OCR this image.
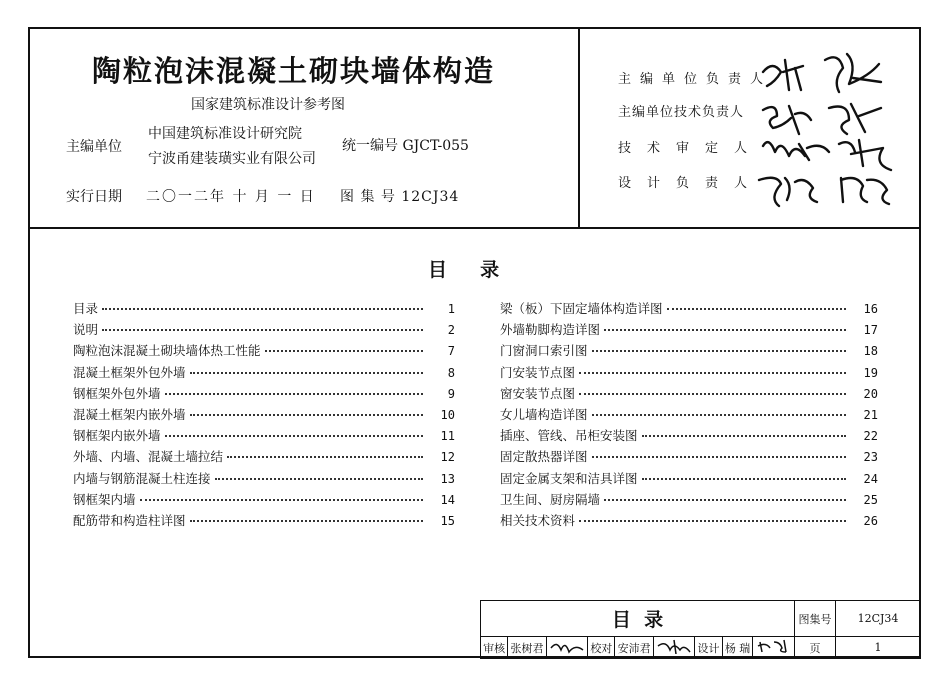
陶粒泡沫混凝土砌块墙体构造
国家建筑标准设计参考图
主编单位
中国建筑标准设计研究院
宁波甬建装璜实业有限公司
统一编号 GJCT-055
实行日期 二〇一二年 十 月 一 日 图 集 号 12CJ34
主编单位负责人
主编单位技术负责人
技术审定人
设计负责人
目     录
目录	1
说明	2
陶粒泡沫混凝土砌块墙体热工性能	7
混凝土框架外包外墙	8
钢框架外包外墙	9
混凝土框架内嵌外墙	10
钢框架内嵌外墙	11
外墙、内墙、混凝土墙拉结	12
内墙与钢筋混凝土柱连接	13
钢框架内墙	14
配筋带和构造柱详图	15
梁（板）下固定墙体构造详图	16
外墙勒脚构造详图	17
门窗洞口索引图	18
门安装节点图	19
窗安装节点图	20
女儿墙构造详图	21
插座、管线、吊柜安装图	22
固定散热器详图	23
固定金属支架和洁具详图	24
卫生间、厨房隔墙	25
相关技术资料	26
目  录									图集号	12CJ34
审核	张树君		校对	安沛君		设计	杨 瑞		页	1
